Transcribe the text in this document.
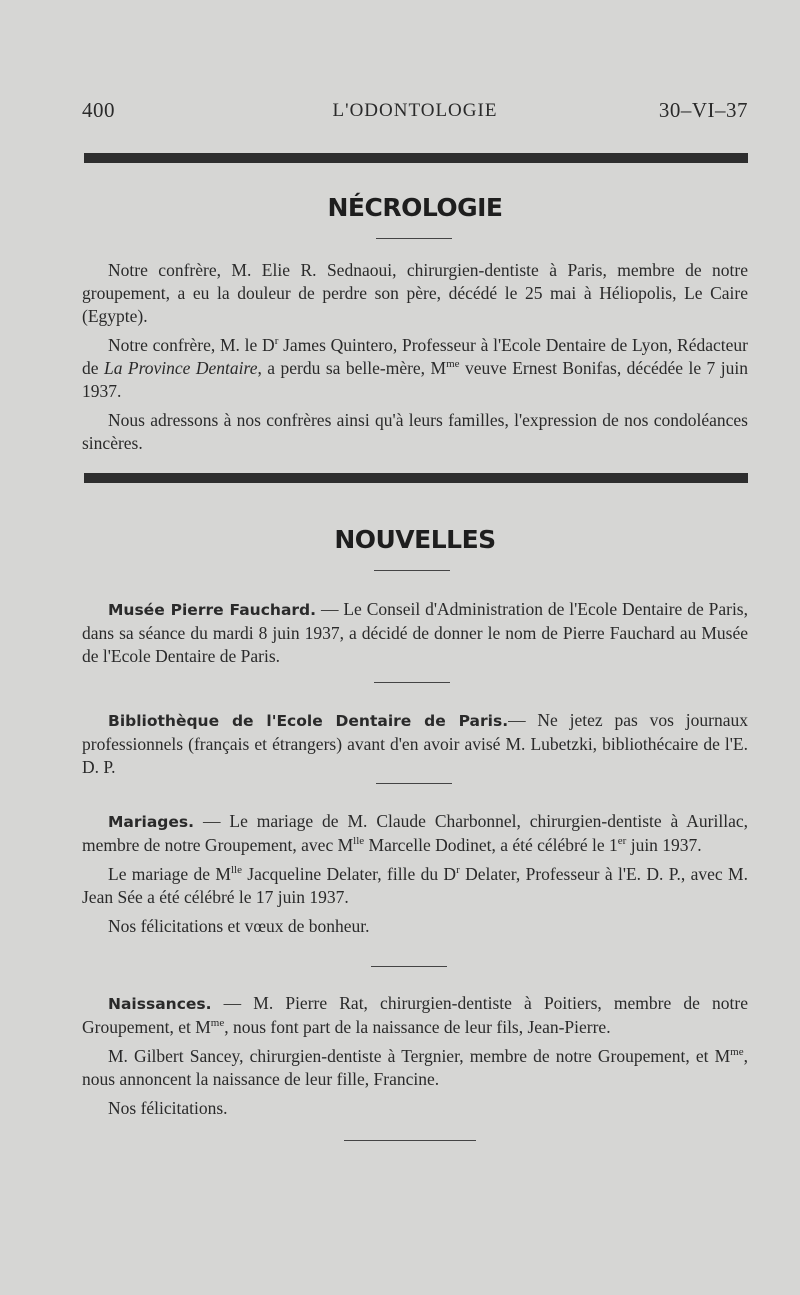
400	L'ODONTOLOGIE	30–VI–37
NÉCROLOGIE

Notre confrère, M. Elie R. Sednaoui, chirurgien-dentiste à Paris, membre de notre groupement, a eu la douleur de perdre son père, décédé le 25 mai à Héliopolis, Le Caire (Egypte).

Notre confrère, M. le $D^r$ James Quintero, Professeur à l'Ecole Dentaire de Lyon, Rédacteur de La Province Dentaire, a perdu sa belle-mère, $M^{me}$ veuve Ernest Bonifas, décédée le 7 juin 1937.

Nous adressons à nos confrères ainsi qu'à leurs familles, l'expression de nos condoléances sincères.

NOUVELLES

Musée Pierre Fauchard. — Le Conseil d'Administration de l'Ecole Dentaire de Paris, dans sa séance du mardi 8 juin 1937, a décidé de donner le nom de Pierre Fauchard au Musée de l'Ecole Dentaire de Paris.

Bibliothèque de l'Ecole Dentaire de Paris.— Ne jetez pas vos journaux professionnels (français et étrangers) avant d'en avoir avisé M. Lubetzki, bibliothécaire de l'E. D. P.

Mariages. — Le mariage de M. Claude Charbonnel, chirurgien-dentiste à Aurillac, membre de notre Groupement, avec $M^{lle}$ Marcelle Dodinet, a été célébré le 1er juin 1937.

Le mariage de $M^{lle}$ Jacqueline Delater, fille du $D^r$ Delater, Professeur à l'E. D. P., avec M. Jean Sée a été célébré le 17 juin 1937.

Nos félicitations et vœux de bonheur.

Naissances. — M. Pierre Rat, chirurgien-dentiste à Poitiers, membre de notre Groupement, et $M^{me}$, nous font part de la naissance de leur fils, Jean-Pierre.

M. Gilbert Sancey, chirurgien-dentiste à Tergnier, membre de notre Groupement, et $M^{me}$, nous annoncent la naissance de leur fille, Francine.

Nos félicitations.
